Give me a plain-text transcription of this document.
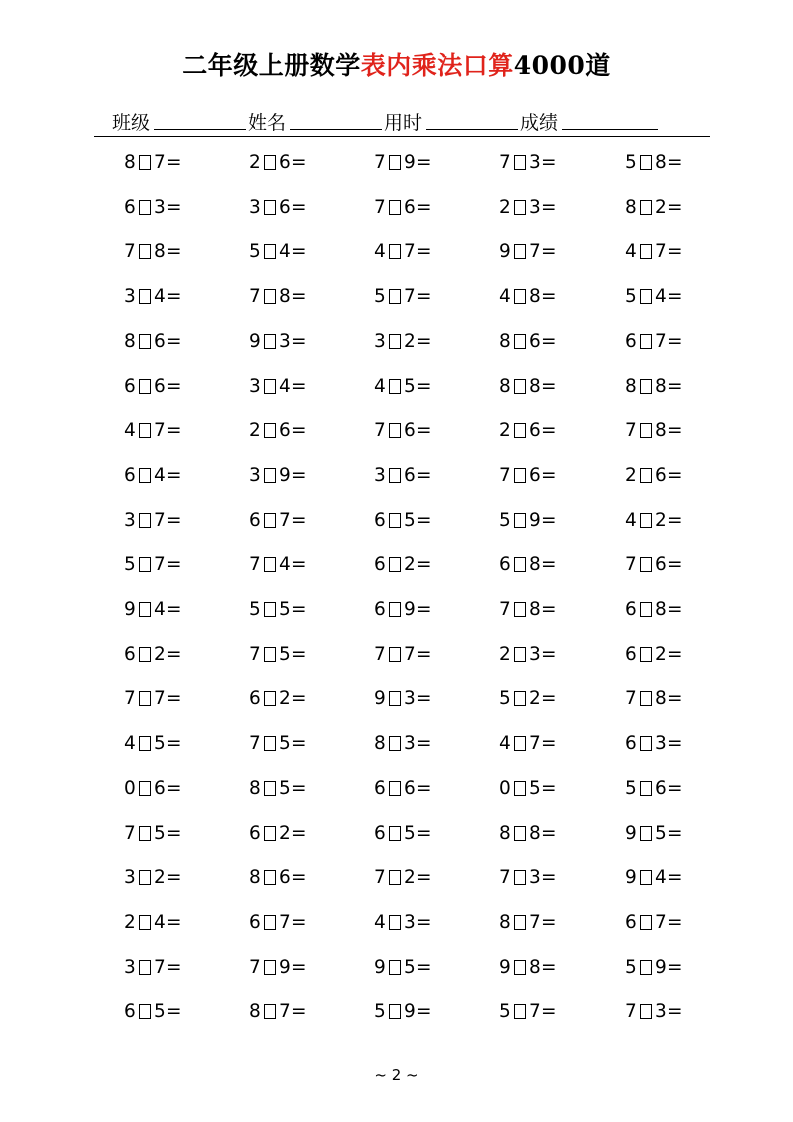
二年级上册数学表内乘法口算4000道
班级	姓名	用时	成绩
8 7=	2 6=	7 9=	7 3=	5 8=
6 3=	3 6=	7 6=	2 3=	8 2=
7 8=	5 4=	4 7=	9 7=	4 7=
3 4=	7 8=	5 7=	4 8=	5 4=
8 6=	9 3=	3 2=	8 6=	6 7=
6 6=	3 4=	4 5=	8 8=	8 8=
4 7=	2 6=	7 6=	2 6=	7 8=
6 4=	3 9=	3 6=	7 6=	2 6=
3 7=	6 7=	6 5=	5 9=	4 2=
5 7=	7 4=	6 2=	6 8=	7 6=
9 4=	5 5=	6 9=	7 8=	6 8=
6 2=	7 5=	7 7=	2 3=	6 2=
7 7=	6 2=	9 3=	5 2=	7 8=
4 5=	7 5=	8 3=	4 7=	6 3=
0 6=	8 5=	6 6=	0 5=	5 6=
7 5=	6 2=	6 5=	8 8=	9 5=
3 2=	8 6=	7 2=	7 3=	9 4=
2 4=	6 7=	4 3=	8 7=	6 7=
3 7=	7 9=	9 5=	9 8=	5 9=
6 5=	8 7=	5 9=	5 7=	7 3=
~ 2 ~
